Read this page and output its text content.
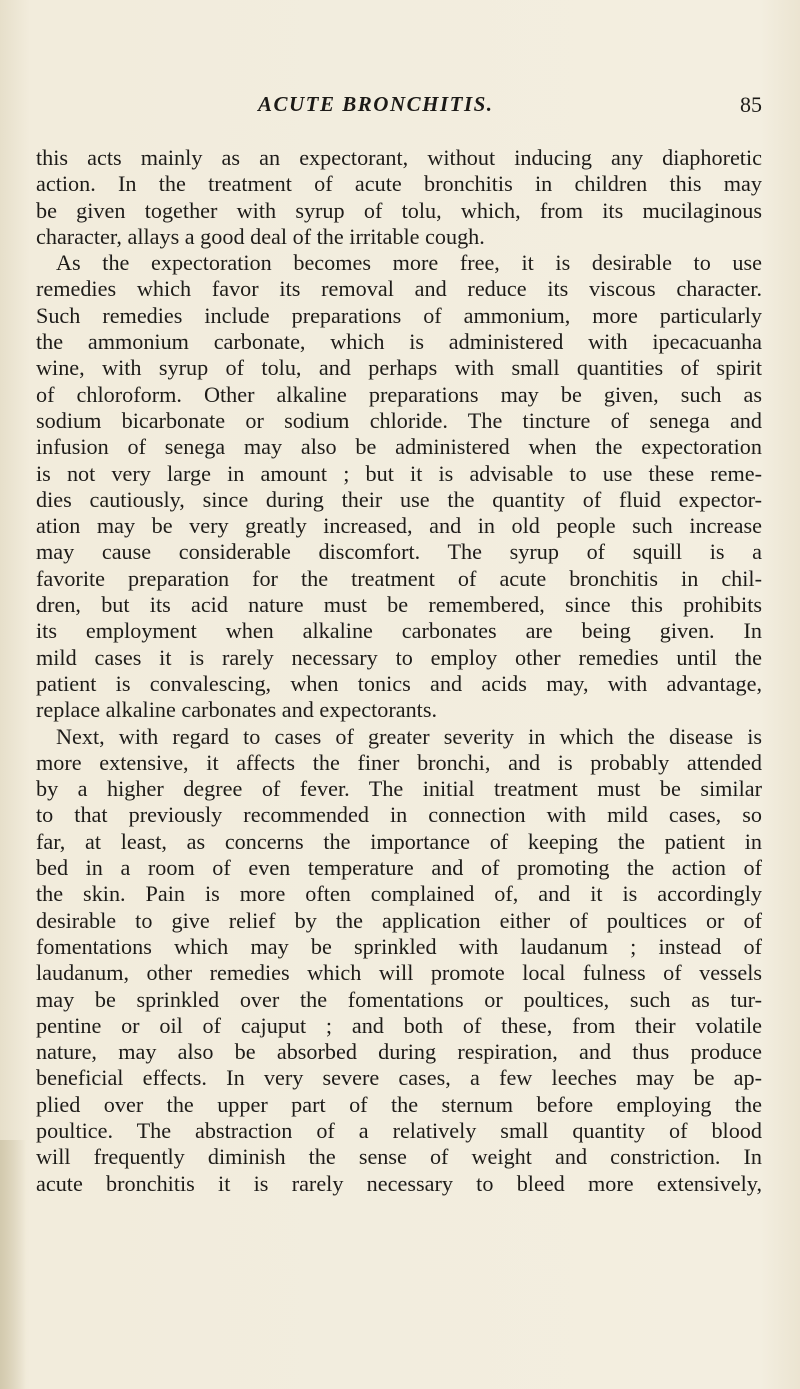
ACUTE BRONCHITIS.	85
this acts mainly as an expectorant, without inducing any diaphoretic
action. In the treatment of acute bronchitis in children this may
be given together with syrup of tolu, which, from its mucilaginous
character, allays a good deal of the irritable cough.
As the expectoration becomes more free, it is desirable to use
remedies which favor its removal and reduce its viscous character.
Such remedies include preparations of ammonium, more particularly
the ammonium carbonate, which is administered with ipecacuanha
wine, with syrup of tolu, and perhaps with small quantities of spirit
of chloroform. Other alkaline preparations may be given, such as
sodium bicarbonate or sodium chloride. The tincture of senega and
infusion of senega may also be administered when the expectoration
is not very large in amount ; but it is advisable to use these reme-
dies cautiously, since during their use the quantity of fluid expector-
ation may be very greatly increased, and in old people such increase
may cause considerable discomfort. The syrup of squill is a
favorite preparation for the treatment of acute bronchitis in chil-
dren, but its acid nature must be remembered, since this prohibits
its employment when alkaline carbonates are being given. In
mild cases it is rarely necessary to employ other remedies until the
patient is convalescing, when tonics and acids may, with advantage,
replace alkaline carbonates and expectorants.
Next, with regard to cases of greater severity in which the disease is
more extensive, it affects the finer bronchi, and is probably attended
by a higher degree of fever. The initial treatment must be similar
to that previously recommended in connection with mild cases, so
far, at least, as concerns the importance of keeping the patient in
bed in a room of even temperature and of promoting the action of
the skin. Pain is more often complained of, and it is accordingly
desirable to give relief by the application either of poultices or of
fomentations which may be sprinkled with laudanum ; instead of
laudanum, other remedies which will promote local fulness of vessels
may be sprinkled over the fomentations or poultices, such as tur-
pentine or oil of cajuput ; and both of these, from their volatile
nature, may also be absorbed during respiration, and thus produce
beneficial effects. In very severe cases, a few leeches may be ap-
plied over the upper part of the sternum before employing the
poultice. The abstraction of a relatively small quantity of blood
will frequently diminish the sense of weight and constriction. In
acute bronchitis it is rarely necessary to bleed more extensively,
